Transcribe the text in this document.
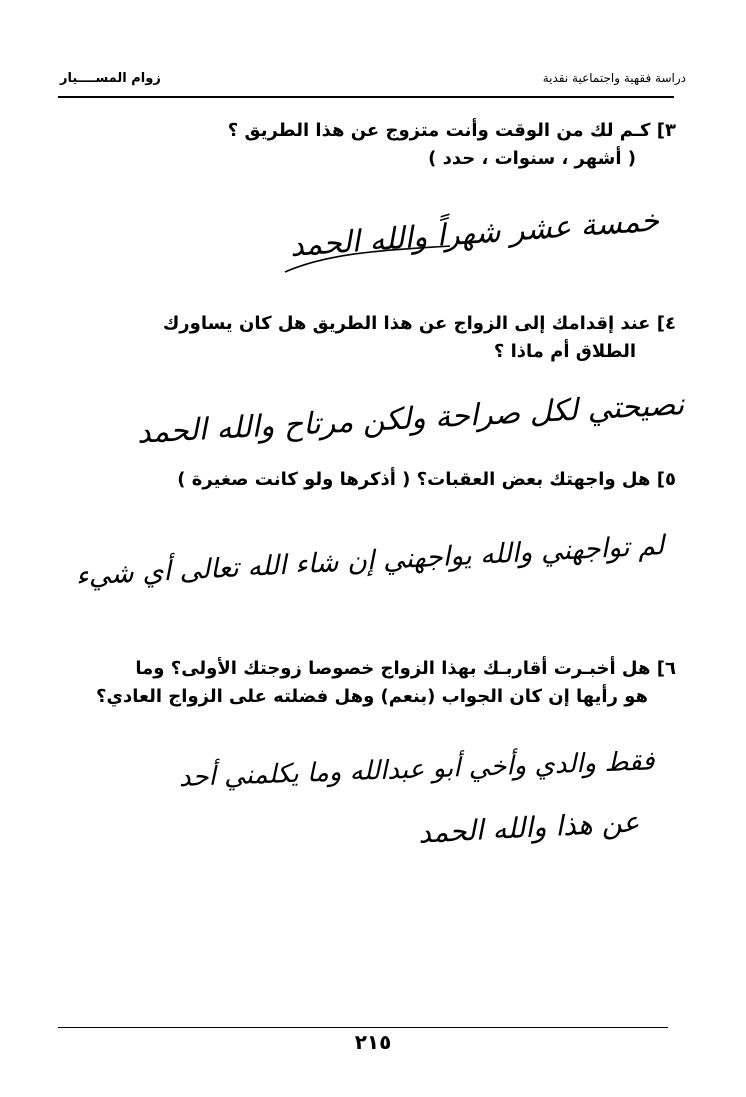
زوام المســــيار	دراسة فقهية واجتماعية نقدية
٣] كـم لك من الوقت وأنت متزوج عن هذا الطريق ؟
( أشهر ، سنوات ، حدد )
خمسة عشر شهراً والله الحمد
٤] عند إقدامك إلى الزواج عن هذا الطريق هل كان يساورك
الطلاق أم ماذا ؟
نصيحتي لكل صراحة ولكن مرتاح والله الحمد
٥] هل واجهتك بعض العقبات؟ ( أذكرها ولو كانت صغيرة )
لم تواجهني والله يواجهني إن شاء الله تعالى أي شيء
٦] هل أخبـرت أقاربـك بهذا الزواج خصوصا زوجتك الأولى؟ وما
هو رأيها إن كان الجواب (بنعم) وهل فضلته على الزواج العادي؟
فقط والدي وأخي أبو عبدالله وما يكلمني أحد
عن هذا والله الحمد
٢١٥
